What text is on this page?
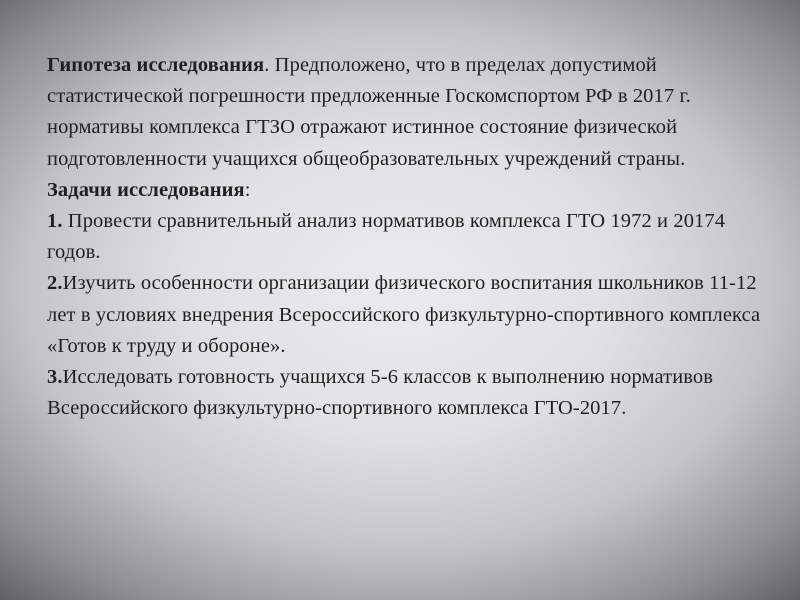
Гипотеза исследования. Предположено, что в пределах допустимой статистической погрешности предложенные Госкомспортом РФ в 2017 г. нормативы комплекса ГТЗО отражают истинное состояние физической подготовленности учащихся общеобразовательных учреждений страны.

Задачи исследования:

1. Провести сравнительный анализ нормативов комплекса ГТО 1972 и 20174 годов.

2.Изучить особенности организации физического воспитания школьников 11-12 лет в условиях внедрения Всероссийского физкультурно-спортивного комплекса «Готов к труду и обороне».

3.Исследовать готовность учащихся 5-6 классов к выполнению нормативов Всероссийского физкультурно-спортивного комплекса ГТО-2017.
